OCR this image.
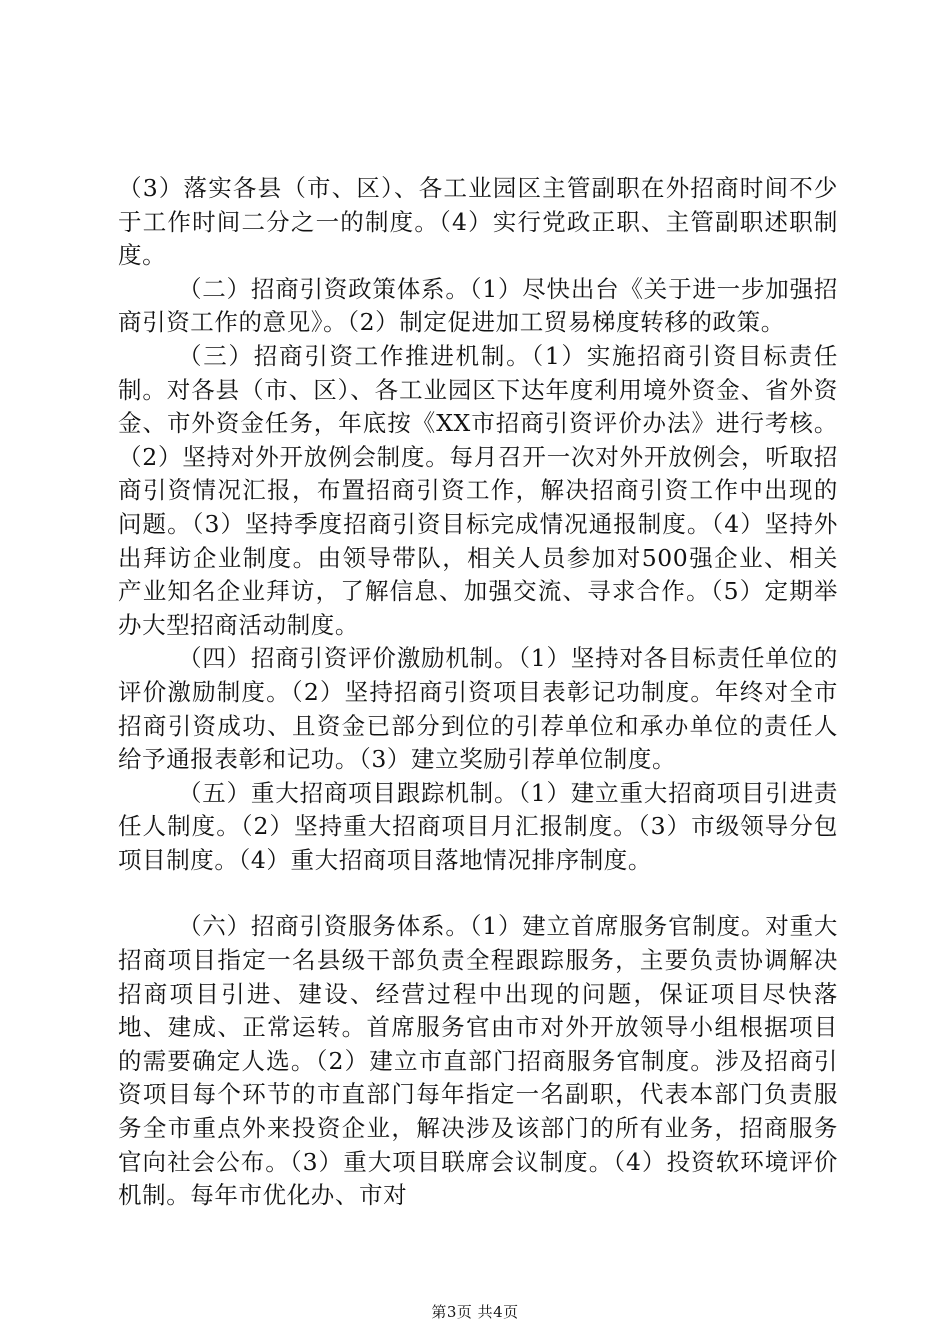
（3）落实各县（市、区）、各工业园区主管副职在外招商时间不少于工作时间二分之一的制度。（4）实行党政正职、主管副职述职制度。

（二）招商引资政策体系。（1）尽快出台《关于进一步加强招商引资工作的意见》。（2）制定促进加工贸易梯度转移的政策。

（三）招商引资工作推进机制。（1）实施招商引资目标责任制。对各县（市、区）、各工业园区下达年度利用境外资金、省外资金、市外资金任务，年底按《XX市招商引资评价办法》进行考核。（2）坚持对外开放例会制度。每月召开一次对外开放例会，听取招商引资情况汇报，布置招商引资工作，解决招商引资工作中出现的问题。（3）坚持季度招商引资目标完成情况通报制度。（4）坚持外出拜访企业制度。由领导带队，相关人员参加对500强企业、相关产业知名企业拜访，了解信息、加强交流、寻求合作。（5）定期举办大型招商活动制度。

（四）招商引资评价激励机制。（1）坚持对各目标责任单位的评价激励制度。（2）坚持招商引资项目表彰记功制度。年终对全市招商引资成功、且资金已部分到位的引荐单位和承办单位的责任人给予通报表彰和记功。（3）建立奖励引荐单位制度。

（五）重大招商项目跟踪机制。（1）建立重大招商项目引进责任人制度。（2）坚持重大招商项目月汇报制度。（3）市级领导分包项目制度。（4）重大招商项目落地情况排序制度。

（六）招商引资服务体系。（1）建立首席服务官制度。对重大招商项目指定一名县级干部负责全程跟踪服务，主要负责协调解决招商项目引进、建设、经营过程中出现的问题，保证项目尽快落地、建成、正常运转。首席服务官由市对外开放领导小组根据项目的需要确定人选。（2）建立市直部门招商服务官制度。涉及招商引资项目每个环节的市直部门每年指定一名副职，代表本部门负责服务全市重点外来投资企业，解决涉及该部门的所有业务，招商服务官向社会公布。（3）重大项目联席会议制度。（4）投资软环境评价机制。每年市优化办、市对

第3页 共4页
